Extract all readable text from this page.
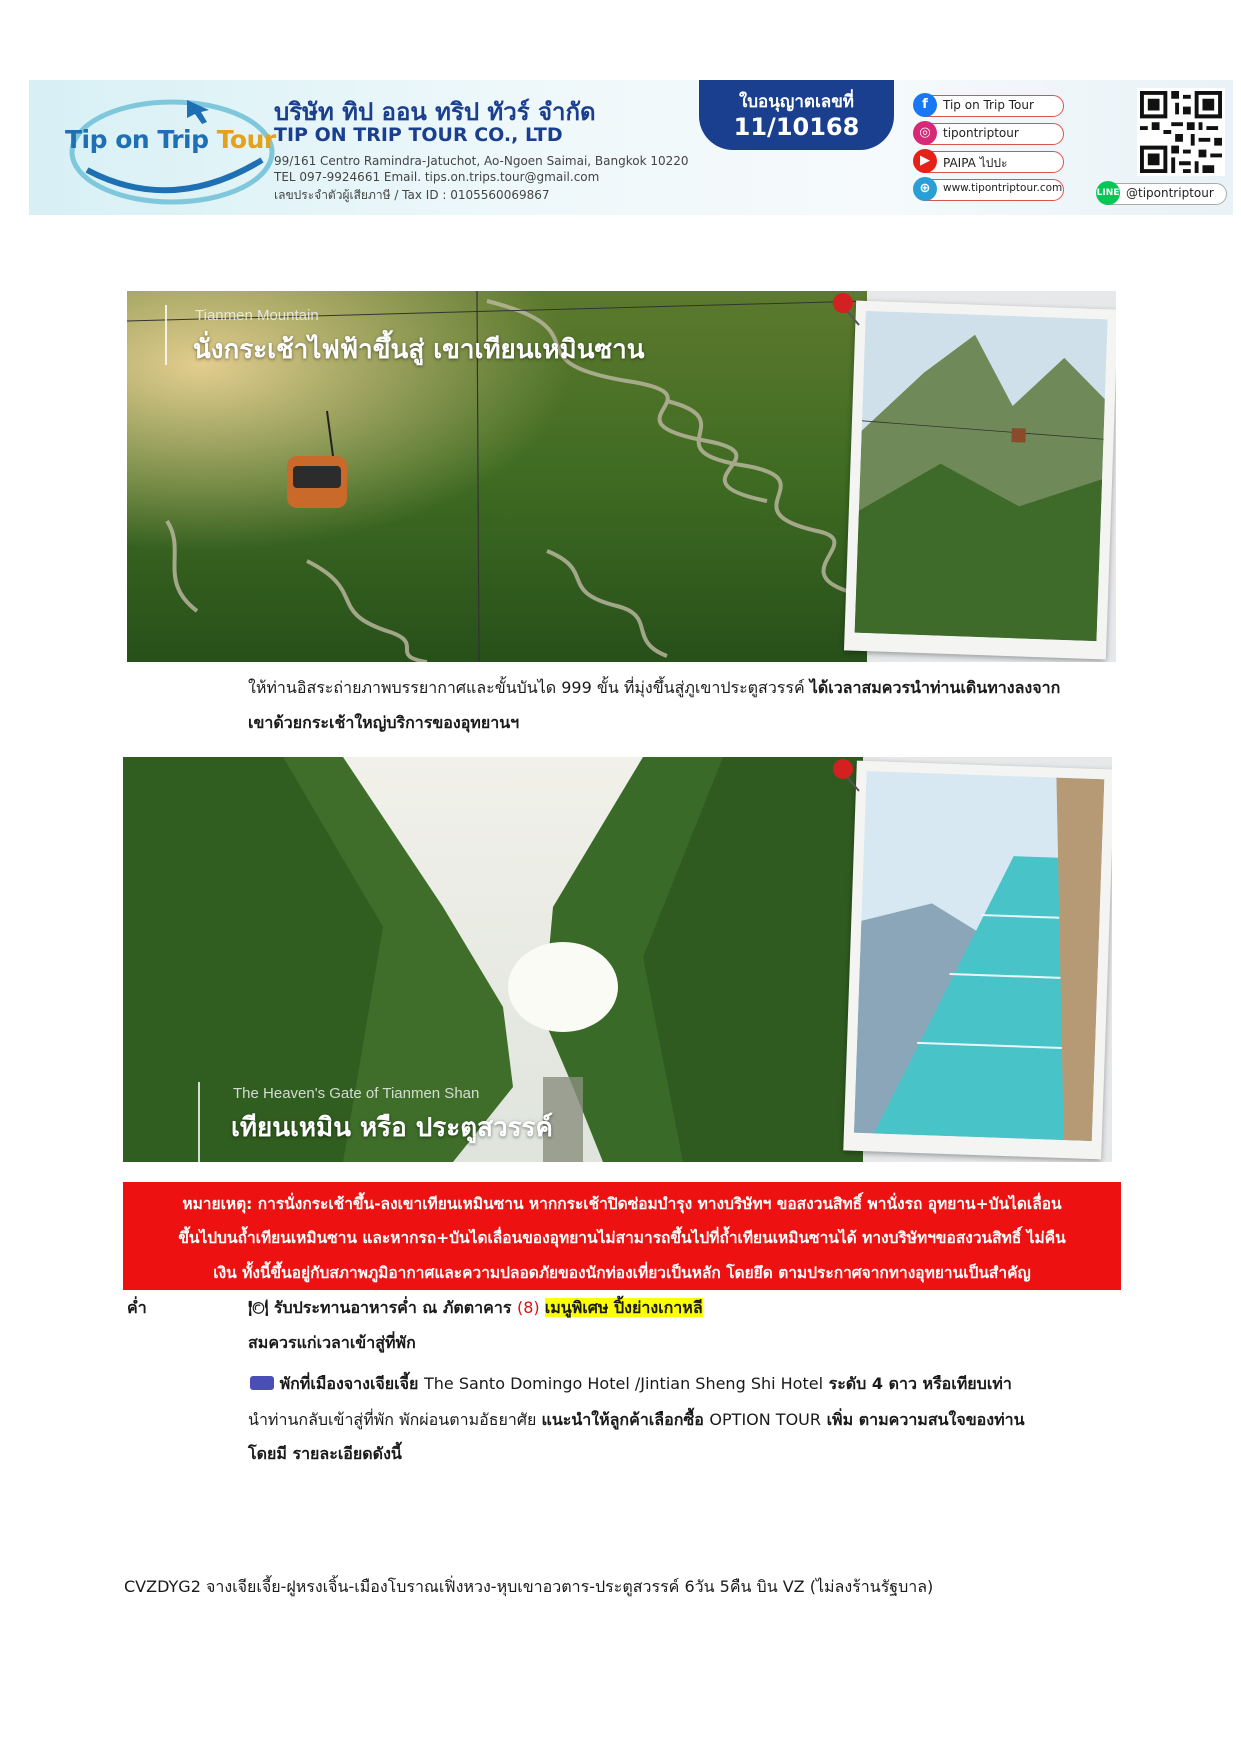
Tip on Trip Tour
บริษัท ทิป ออน ทริป ทัวร์ จำกัด
TIP ON TRIP TOUR CO., LTD
99/161 Centro Ramindra-Jatuchot, Ao-Ngoen Saimai, Bangkok 10220
TEL 097-9924661 Email. tips.on.trips.tour@gmail.com
เลขประจำตัวผู้เสียภาษี / Tax ID : 0105560069867
ใบอนุญาตเลขที่
11/10168
f	Tip on Trip Tour
◎	tipontriptour
▶	PAIPA ไปปะ
⊕	www.tipontriptour.com	LINE @tipontriptour
Tianmen Mountain
นั่งกระเช้าไฟฟ้าขึ้นสู่ เขาเทียนเหมินซาน
ให้ท่านอิสระถ่ายภาพบรรยากาศและขั้นบันได 999 ขั้น ที่มุ่งขึ้นสู่ภูเขาประตูสวรรค์ ได้เวลาสมควรนำท่านเดินทางลงจาก
เขาด้วยกระเช้าใหญ่บริการของอุทยานฯ
The Heaven's Gate of Tianmen Shan
เทียนเหมิน หรือ ประตูสวรรค์
หมายเหตุ: การนั่งกระเช้าขึ้น-ลงเขาเทียนเหมินซาน หากกระเช้าปิดซ่อมบำรุง ทางบริษัทฯ ขอสงวนสิทธิ์ พานั่งรถ อุทยาน+บันไดเลื่อน
ขึ้นไปบนถ้ำเทียนเหมินซาน และหากรถ+บันไดเลื่อนของอุทยานไม่สามารถขึ้นไปที่ถ้ำเทียนเหมินซานได้ ทางบริษัทฯขอสงวนสิทธิ์ ไม่คืน
เงิน ทั้งนี้ขึ้นอยู่กับสภาพภูมิอากาศและความปลอดภัยของนักท่องเที่ยวเป็นหลัก โดยยึด ตามประกาศจากทางอุทยานเป็นสำคัญ
ค่ำ	🍽 รับประทานอาหารค่ำ ณ ภัตตาคาร (8) เมนูพิเศษ ปิ้งย่างเกาหลี
สมควรแก่เวลาเข้าสู่ที่พัก
พักที่เมืองจางเจียเจี้ย The Santo Domingo Hotel /Jintian Sheng Shi Hotel ระดับ 4 ดาว หรือเทียบเท่า
นำท่านกลับเข้าสู่ที่พัก พักผ่อนตามอัธยาศัย แนะนำให้ลูกค้าเลือกซื้อ OPTION TOUR เพิ่ม ตามความสนใจของท่าน
โดยมี รายละเอียดดังนี้
CVZDYG2 จางเจียเจี้ย-ฝูหรงเจิ้น-เมืองโบราณเฟิ่งหวง-หุบเขาอวตาร-ประตูสวรรค์ 6วัน 5คืน บิน VZ (ไม่ลงร้านรัฐบาล)
